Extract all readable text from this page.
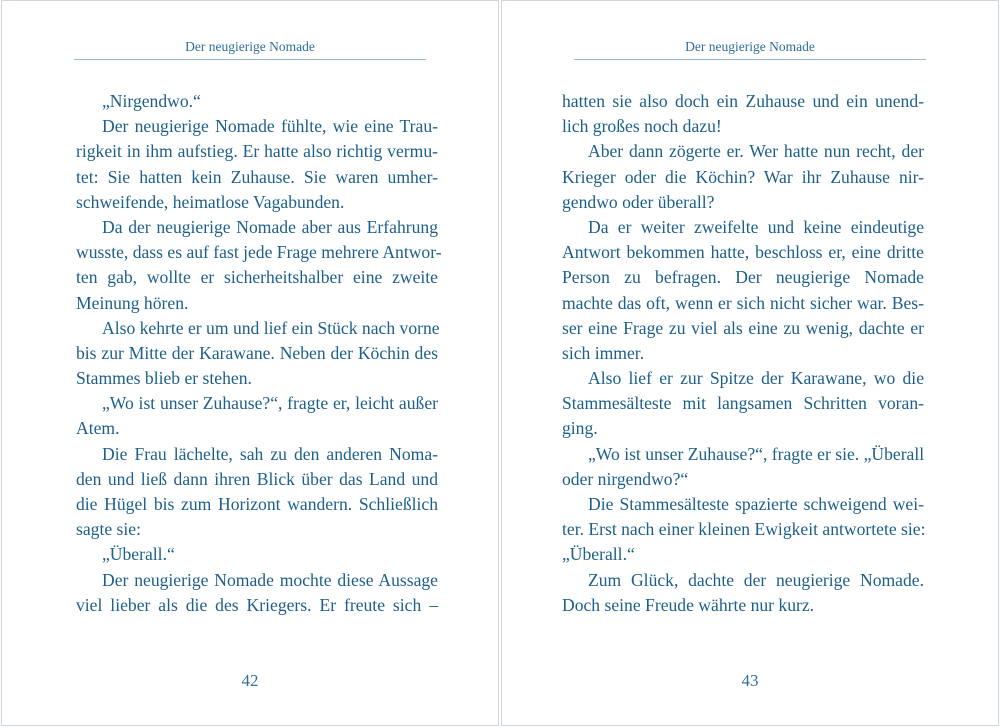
Der neugierige Nomade
„Nirgendwo.“
Der neugierige Nomade fühlte, wie eine Trau-
rigkeit in ihm aufstieg. Er hatte also richtig vermu-
tet: Sie hatten kein Zuhause. Sie waren umher-
schweifende, heimatlose Vagabunden.
Da der neugierige Nomade aber aus Erfahrung
wusste, dass es auf fast jede Frage mehrere Antwor-
ten gab, wollte er sicherheitshalber eine zweite
Meinung hören.
Also kehrte er um und lief ein Stück nach vorne
bis zur Mitte der Karawane. Neben der Köchin des
Stammes blieb er stehen.
„Wo ist unser Zuhause?“, fragte er, leicht außer
Atem.
Die Frau lächelte, sah zu den anderen Noma-
den und ließ dann ihren Blick über das Land und
die Hügel bis zum Horizont wandern. Schließlich
sagte sie:
„Überall.“
Der neugierige Nomade mochte diese Aussage
viel lieber als die des Kriegers. Er freute sich –
42
Der neugierige Nomade
hatten sie also doch ein Zuhause und ein unend-
lich großes noch dazu!
Aber dann zögerte er. Wer hatte nun recht, der
Krieger oder die Köchin? War ihr Zuhause nir-
gendwo oder überall?
Da er weiter zweifelte und keine eindeutige
Antwort bekommen hatte, beschloss er, eine dritte
Person zu befragen. Der neugierige Nomade
machte das oft, wenn er sich nicht sicher war. Bes-
ser eine Frage zu viel als eine zu wenig, dachte er
sich immer.
Also lief er zur Spitze der Karawane, wo die
Stammesälteste mit langsamen Schritten voran-
ging.
„Wo ist unser Zuhause?“, fragte er sie. „Überall
oder nirgendwo?“
Die Stammesälteste spazierte schweigend wei-
ter. Erst nach einer kleinen Ewigkeit antwortete sie:
„Überall.“
Zum Glück, dachte der neugierige Nomade.
Doch seine Freude währte nur kurz.
43
